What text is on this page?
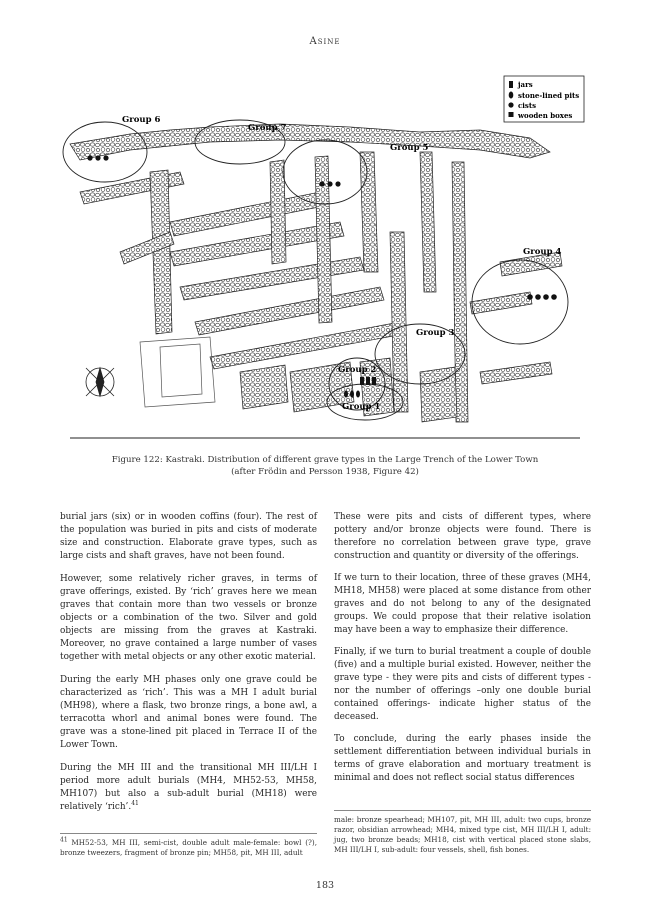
Asine
Group 6
Group 7
Group 5
Group 4
Group 3
Group 2
Group 1
jars
stone-lined pits
cists
wooden boxes
Figure 122: Kastraki. Distribution of different grave types in the Large Trench of the Lower Town
(after Frödin and Persson 1938, Figure 42)

burial jars (six) or in wooden coffins (four). The rest of the population was buried in pits and cists of moderate size and construction. Elaborate grave types, such as large cists and shaft graves, have not been found.

However, some relatively richer graves, in terms of grave offerings, existed. By ‘rich’ graves here we mean graves that contain more than two vessels or bronze objects or a combination of the two. Silver and gold objects are missing from the graves at Kastraki. Moreover, no grave contained a large number of vases together with metal objects or any other exotic material.

During the early MH phases only one grave could be characterized as ‘rich’. This was a MH I adult burial (MH98), where a flask, two bronze rings, a bone awl, a terracotta whorl and animal bones were found. The grave was a stone-lined pit placed in Terrace II of the Lower Town.

During the MH III and the transitional MH III/LH I period more adult burials (MH4, MH52-53, MH58, MH107) but also a sub-adult burial (MH18) were relatively ‘rich’.$^{41}$

These were pits and cists of different types, where pottery and/or bronze objects were found. There is therefore no correlation between grave type, grave construction and quantity or diversity of the offerings.

If we turn to their location, three of these graves (MH4, MH18, MH58) were placed at some distance from other graves and do not belong to any of the designated groups. We could propose that their relative isolation may have been a way to emphasize their difference.

Finally, if we turn to burial treatment a couple of double (five) and a multiple burial existed. However, neither the grave type - they were pits and cists of different types - nor the number of offerings –only one double burial contained offerings- indicate higher status of the deceased.

To conclude, during the early phases inside the settlement differentiation between individual burials in terms of grave elaboration and mortuary treatment is minimal and does not reflect social status differences

$^{41}$ MH52-53, MH III, semi-cist, double adult male-female: bowl (?), bronze tweezers, fragment of bronze pin; MH58, pit, MH III, adult
male: bronze spearhead; MH107, pit, MH III, adult: two cups, bronze razor, obsidian arrowhead; MH4, mixed type cist, MH III/LH I, adult: jug, two bronze beads; MH18, cist with vertical placed stone slabs, MH III/LH I, sub-adult: four vessels, shell, fish bones.
183
